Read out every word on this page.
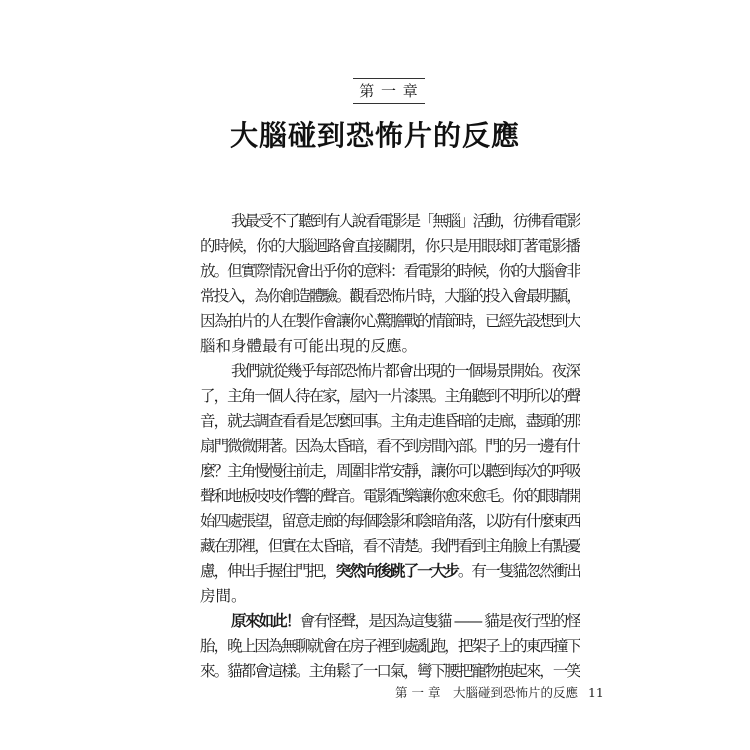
第 一 章
大腦碰到恐怖片的反應
我最受不了聽到有人說看電影是「無腦」活動，彷彿看電影
的時候，你的大腦迴路會直接關閉，你只是用眼球盯著電影播
放。但實際情況會出乎你的意料：看電影的時候，你的大腦會非
常投入，為你創造體驗。觀看恐怖片時，大腦的投入會最明顯，
因為拍片的人在製作會讓你心驚膽戰的情節時，已經先設想到大
腦和身體最有可能出現的反應。
我們就從幾乎每部恐怖片都會出現的一個場景開始。夜深
了，主角一個人待在家，屋內一片漆黑。主角聽到不明所以的聲
音，就去調查看看是怎麼回事。主角走進昏暗的走廊，盡頭的那
扇門微微開著。因為太昏暗，看不到房間內部。門的另一邊有什
麼？主角慢慢往前走，周圍非常安靜，讓你可以聽到每次的呼吸
聲和地板吱吱作響的聲音。電影配樂讓你愈來愈毛。你的眼睛開
始四處張望，留意走廊的每個陰影和陰暗角落，以防有什麼東西
藏在那裡，但實在太昏暗，看不清楚。我們看到主角臉上有點憂
慮，伸出手握住門把，突然向後跳了一大步。有一隻貓忽然衝出
房間。
原來如此！會有怪聲，是因為這隻貓 —— 貓是夜行型的怪
胎，晚上因為無聊就會在房子裡到處亂跑，把架子上的東西撞下
來。貓都會這樣。主角鬆了一口氣，彎下腰把寵物抱起來，一笑
第 一 章　大腦碰到恐怖片的反應 11
